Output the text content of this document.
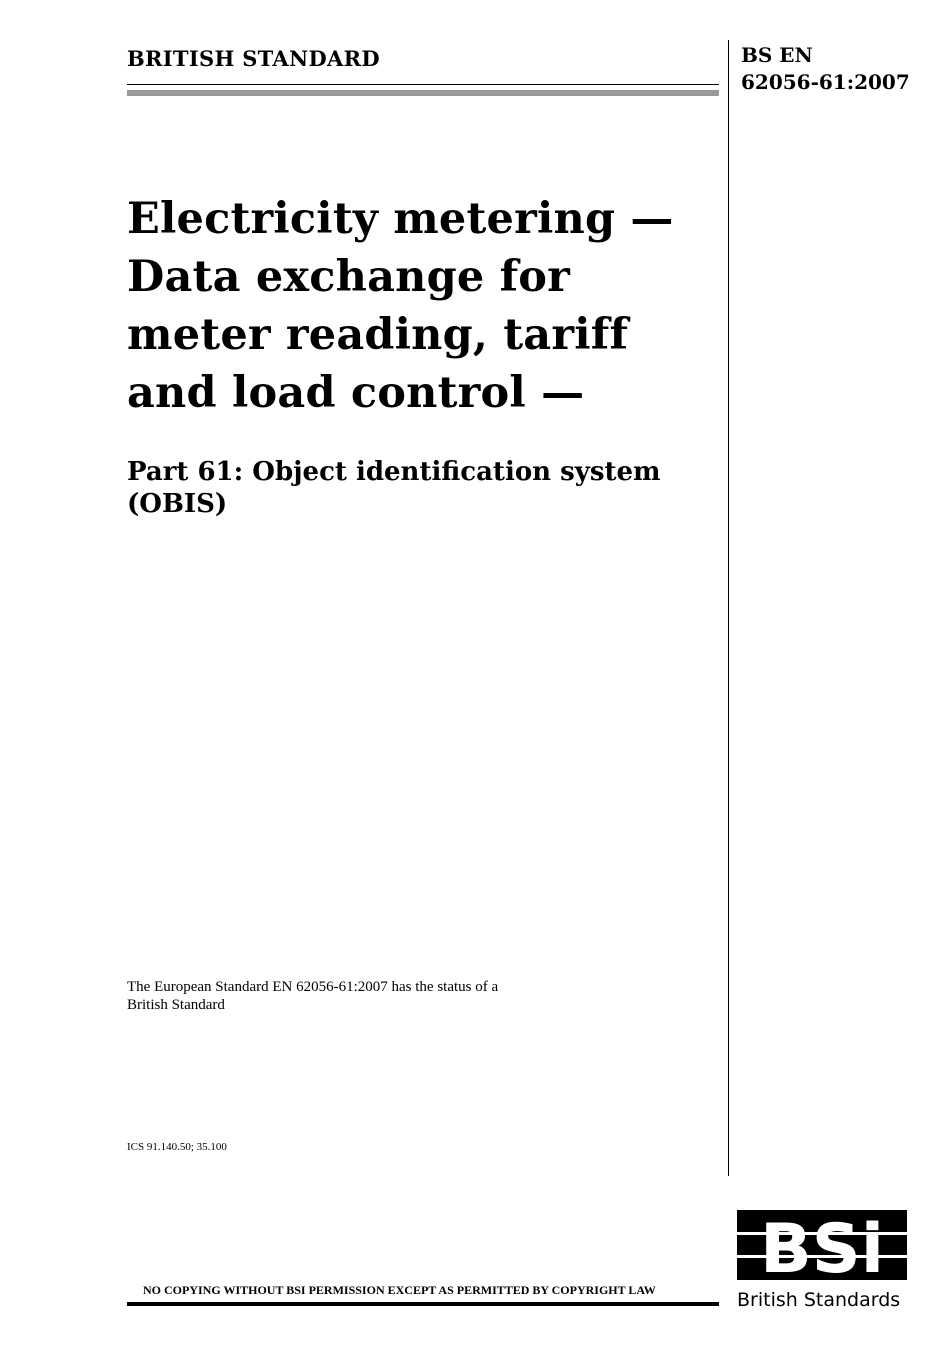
BRITISH STANDARD	BS EN
62056-61:2007
Electricity metering —
Data exchange for
meter reading, tariff
and load control —
Part 61: Object identification system
(OBIS)
The European Standard EN 62056-61:2007 has the status of a
British Standard
ICS 91.140.50; 35.100
NO COPYING WITHOUT BSI PERMISSION EXCEPT AS PERMITTED BY COPYRIGHT LAW
BSi
British Standards
